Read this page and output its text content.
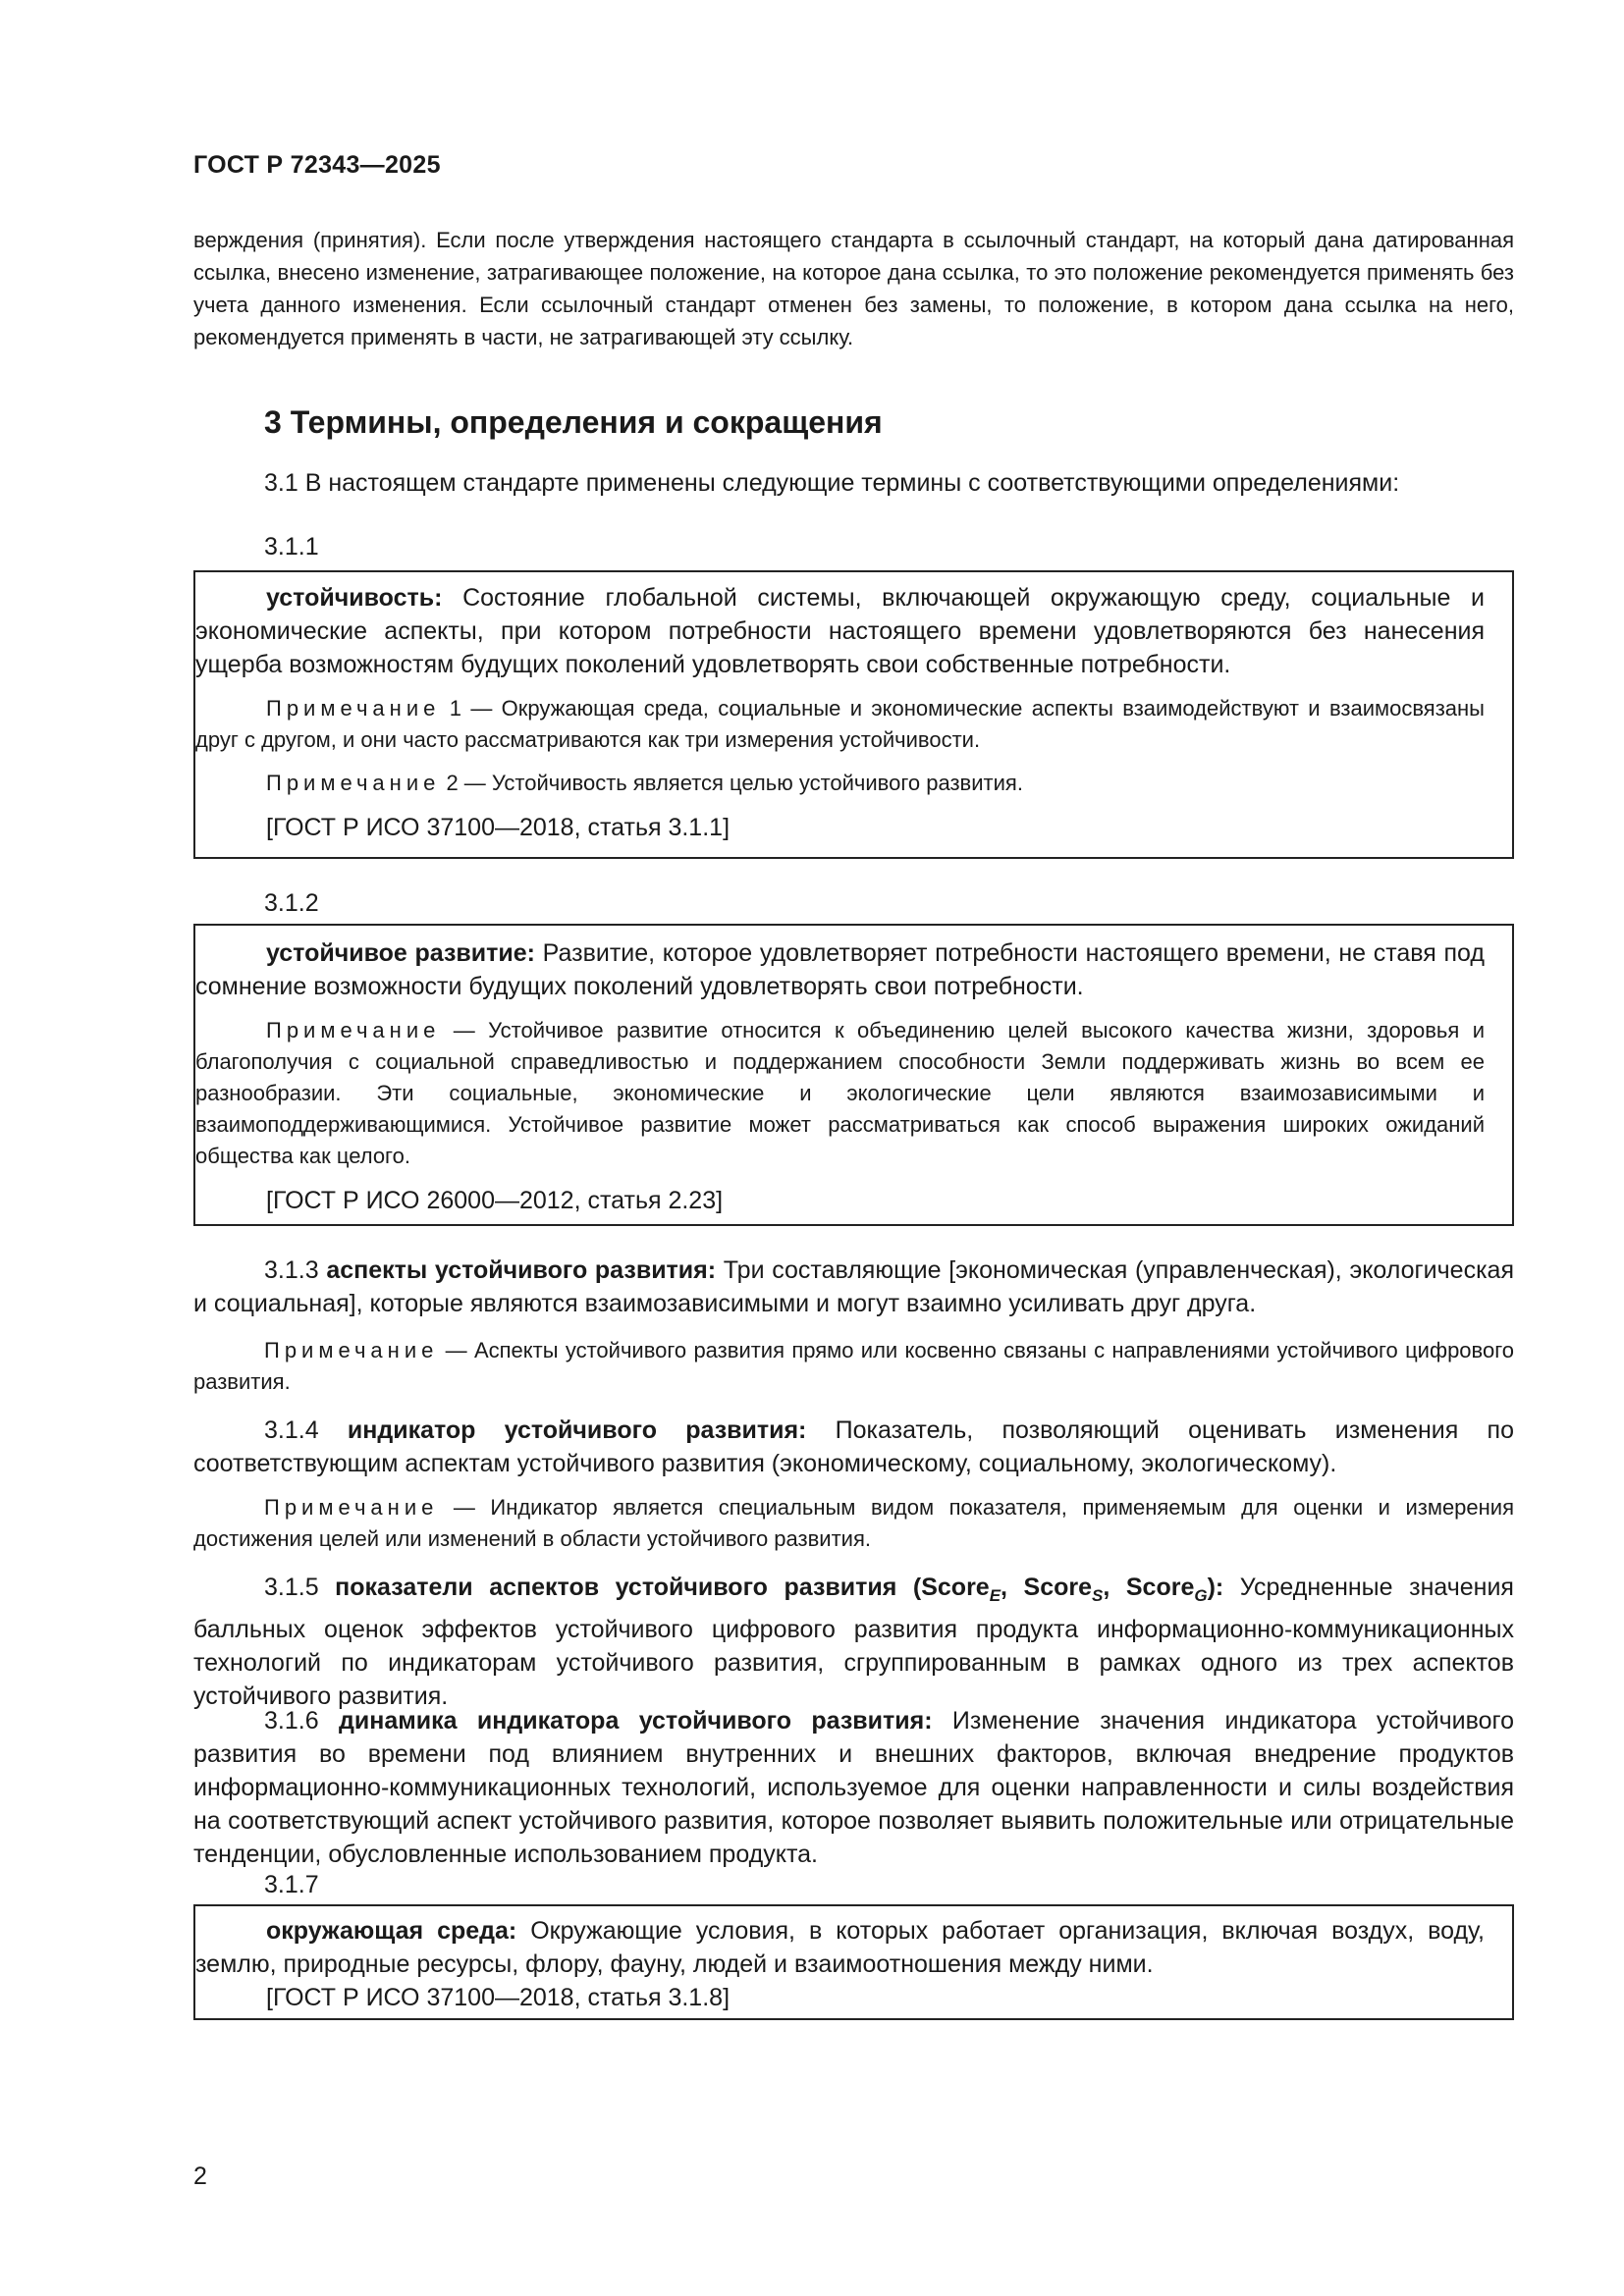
ГОСТ Р 72343—2025

верждения (принятия). Если после утверждения настоящего стандарта в ссылочный стандарт, на который дана датированная ссылка, внесено изменение, затрагивающее положение, на которое дана ссылка, то это положение рекомендуется применять без учета данного изменения. Если ссылочный стандарт отменен без замены, то положение, в котором дана ссылка на него, рекомендуется применять в части, не затрагивающей эту ссылку.

3 Термины, определения и сокращения

3.1 В настоящем стандарте применены следующие термины с соответствующими определениями:

3.1.1

устойчивость: Состояние глобальной системы, включающей окружающую среду, социальные и экономические аспекты, при котором потребности настоящего времени удовлетворяются без нанесения ущерба возможностям будущих поколений удовлетворять свои собственные потребности.

Примечание 1 — Окружающая среда, социальные и экономические аспекты взаимодействуют и взаимосвязаны друг с другом, и они часто рассматриваются как три измерения устойчивости.

Примечание 2 — Устойчивость является целью устойчивого развития.

[ГОСТ Р ИСО 37100—2018, статья 3.1.1]
3.1.2

устойчивое развитие: Развитие, которое удовлетворяет потребности настоящего времени, не ставя под сомнение возможности будущих поколений удовлетворять свои потребности.

Примечание — Устойчивое развитие относится к объединению целей высокого качества жизни, здоровья и благополучия с социальной справедливостью и поддержанием способности Земли поддерживать жизнь во всем ее разнообразии. Эти социальные, экономические и экологические цели являются взаимозависимыми и взаимоподдерживающимися. Устойчивое развитие может рассматриваться как способ выражения широких ожиданий общества как целого.

[ГОСТ Р ИСО 26000—2012, статья 2.23]

3.1.3 аспекты устойчивого развития: Три составляющие [экономическая (управленческая), экологическая и социальная], которые являются взаимозависимыми и могут взаимно усиливать друг друга.

Примечание — Аспекты устойчивого развития прямо или косвенно связаны с направлениями устойчивого цифрового развития.

3.1.4 индикатор устойчивого развития: Показатель, позволяющий оценивать изменения по соответствующим аспектам устойчивого развития (экономическому, социальному, экологическому).

Примечание — Индикатор является специальным видом показателя, применяемым для оценки и измерения достижения целей или изменений в области устойчивого развития.

3.1.5 показатели аспектов устойчивого развития (Score$_E$, Score$_S$, Score$_G$): Усредненные значения балльных оценок эффектов устойчивого цифрового развития продукта информационно-коммуникационных технологий по индикаторам устойчивого развития, сгруппированным в рамках одного из трех аспектов устойчивого развития.

3.1.6 динамика индикатора устойчивого развития: Изменение значения индикатора устойчивого развития во времени под влиянием внутренних и внешних факторов, включая внедрение продуктов информационно-коммуникационных технологий, используемое для оценки направленности и силы воздействия на соответствующий аспект устойчивого развития, которое позволяет выявить положительные или отрицательные тенденции, обусловленные использованием продукта.

3.1.7

окружающая среда: Окружающие условия, в которых работает организация, включая воздух, воду, землю, природные ресурсы, флору, фауну, людей и взаимоотношения между ними.

[ГОСТ Р ИСО 37100—2018, статья 3.1.8]
2
